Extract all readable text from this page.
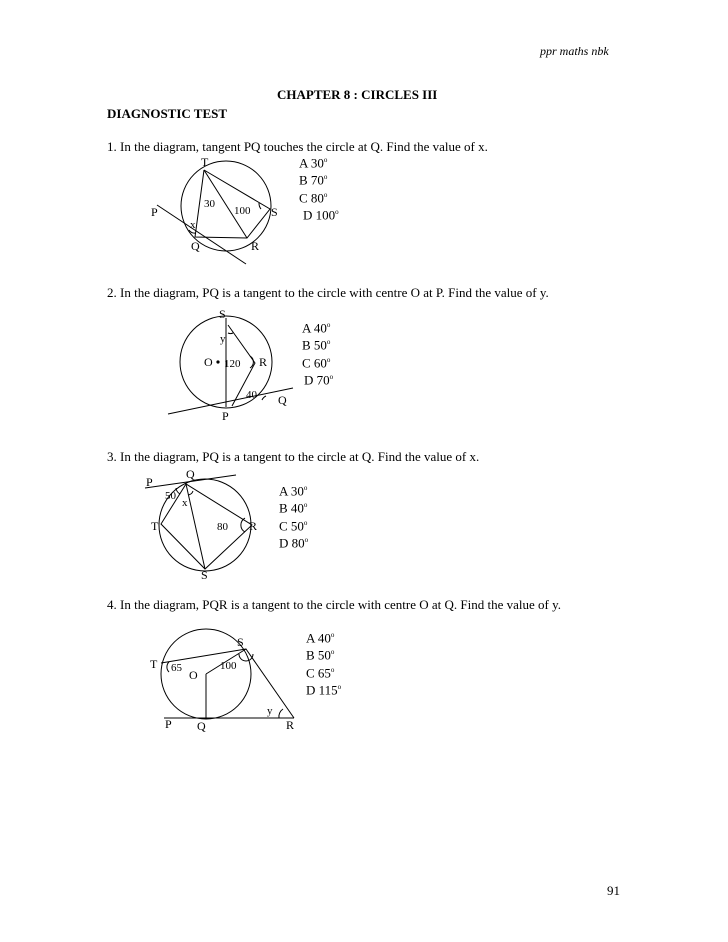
ppr maths nbk
CHAPTER 8 : CIRCLES III
DIAGNOSTIC TEST
1. In the diagram, tangent PQ touches the circle at Q. Find the value of x.
A 30$^o$
B 70$^o$
C 80$^o$
D 100$^o$
2. In the diagram, PQ is a tangent to the circle with centre O at P. Find the value of y.
A 40$^o$
B 50$^o$
C 60$^o$
D 70$^o$
3. In the diagram, PQ is a tangent to the circle at Q. Find the value of x.
A 30$^o$
B 40$^o$
C 50$^o$
D 80$^o$
4. In the diagram, PQR is a tangent to the circle with centre O at Q. Find the value of y.
A 40$^o$
B 50$^o$
C 65$^o$
D 115$^o$
91
T
P
Q	R
S
x
30
100
S
y
O 120 R
40 Q
P
Q
P
50
x
T	80 R
S
S
T 65 O
100
y
P Q	R
